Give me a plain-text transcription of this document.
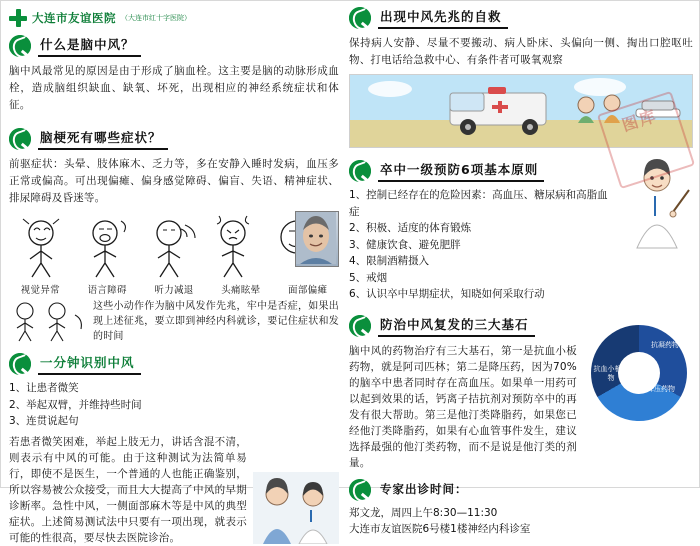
大连市友谊医院 （大连市红十字医院）
什么是脑中风？
脑中风最常见的原因是由于形成了脑血栓。这主要是脑的动脉形成血栓，造成脑组织缺血、缺氧、坏死，出现相应的神经系统症状和体征。
脑梗死有哪些症状？
前驱症状：头晕、肢体麻木、乏力等，多在安静入睡时发病，血压多正常或偏高。可出现偏瘫、偏身感觉障碍、偏盲、失语、精神症状、排尿障碍及昏迷等。
视觉异常	语言障碍	听力减退	头痛眩晕	面部偏瘫
这些小动作作为脑中风发作先兆，牢中是否症，如果出现上述征兆，要立即到神经内科就诊，要记住症状和发的时间
一分钟识别中风
1、让患者微笑
2、举起双臂，并维持些时间
3、连贯说起句
若患者微笑困难，举起上肢无力，讲话含混不清，则表示有中风的可能。由于这种测试为法简单易行，即使不是医生，一个普通的人也能正确鉴别，所以容易被公众接受，而且大大提高了中风的早期诊断率。急性中风，一侧面部麻木等是中风的典型症状。上述简易测试法中只要有一项出现，就表示可能的性很高，要尽快去医院诊治。
出现中风先兆的自救
保持病人安静、尽量不要搬动、病人卧床、头偏向一侧、掏出口腔呕吐物、打电话给急救中心、有条件者可吸氧观察
卒中一级预防6项基本原则
1、控制已经存在的危险因素：高血压、糖尿病和高脂血症
2、积极、适度的体育锻炼
3、健康饮食、避免肥胖
4、限制酒精摄入
5、戒烟
6、认识卒中早期症状，知晓如何采取行动
防治中风复发的三大基石
脑中风的药物治疗有三大基石，第一是抗血小板药物，就是阿司匹林；第二是降压药，因为70%的脑卒中患者同时存在高血压。如果单一用药可以起到效果的话，钙离子拮抗剂对预防卒中的再发有很大帮助。第三是他汀类降脂药，如果您已经他汀类降脂药，如果有心血管事件发生，建议选择最强的他汀类药物，而不是说是他汀类的剂量。
抗凝药物
降压药物
抗血小板药物
专家出诊时间：
郑文龙，周四上午8:30—11:30
大连市友谊医院6号楼1楼神经内科诊室
图库
